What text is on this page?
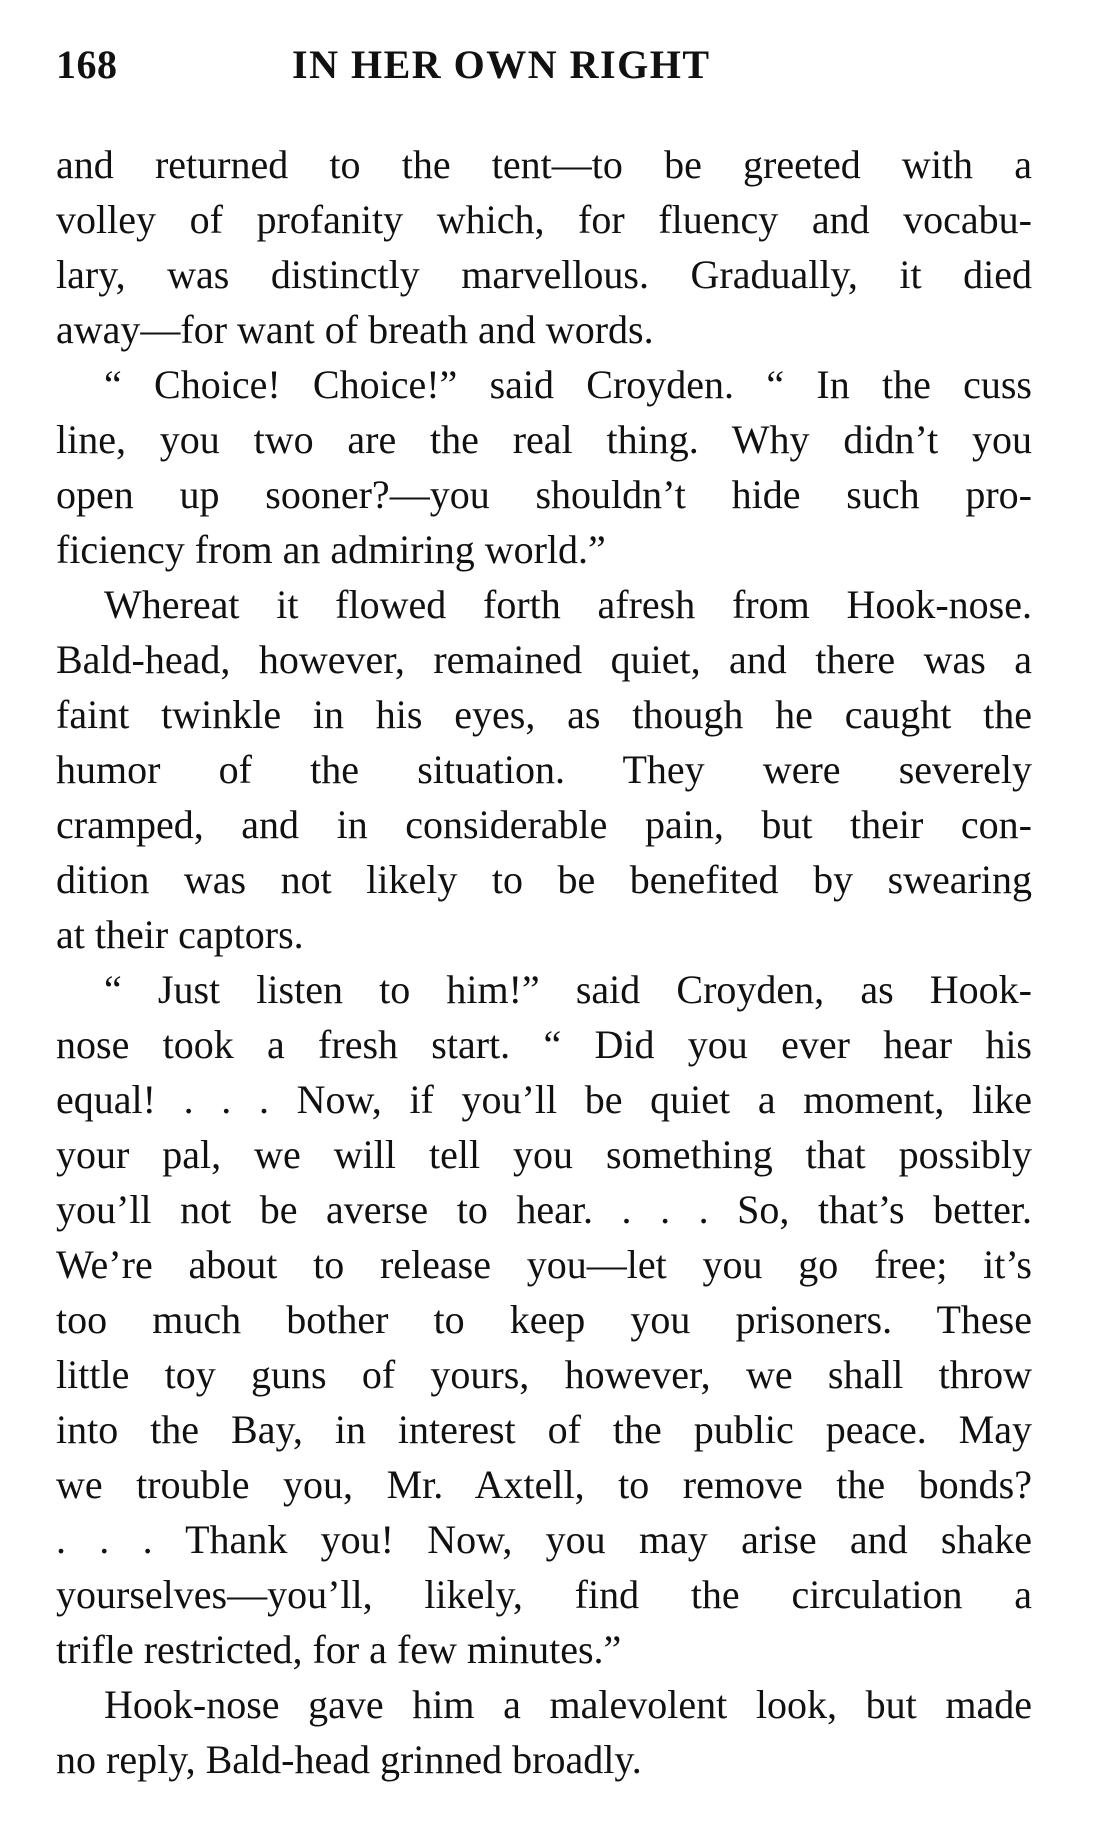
168	IN HER OWN RIGHT

and returned to the tent—to be greeted with a
volley of profanity which, for fluency and vocabu-
lary, was distinctly marvellous. Gradually, it died
away—for want of breath and words.

“ Choice! Choice!” said Croyden. “ In the cuss
line, you two are the real thing. Why didn’t you
open up sooner?—you shouldn’t hide such pro-
ficiency from an admiring world.”

Whereat it flowed forth afresh from Hook-nose.
Bald-head, however, remained quiet, and there was a
faint twinkle in his eyes, as though he caught the
humor of the situation. They were severely
cramped, and in considerable pain, but their con-
dition was not likely to be benefited by swearing
at their captors.

“ Just listen to him!” said Croyden, as Hook-
nose took a fresh start. “ Did you ever hear his
equal! . . . Now, if you’ll be quiet a moment, like
your pal, we will tell you something that possibly
you’ll not be averse to hear. . . . So, that’s better.
We’re about to release you—let you go free; it’s
too much bother to keep you prisoners. These
little toy guns of yours, however, we shall throw
into the Bay, in interest of the public peace. May
we trouble you, Mr. Axtell, to remove the bonds?
. . . Thank you! Now, you may arise and shake
yourselves—you’ll, likely, find the circulation a
trifle restricted, for a few minutes.”

Hook-nose gave him a malevolent look, but made
no reply, Bald-head grinned broadly.
